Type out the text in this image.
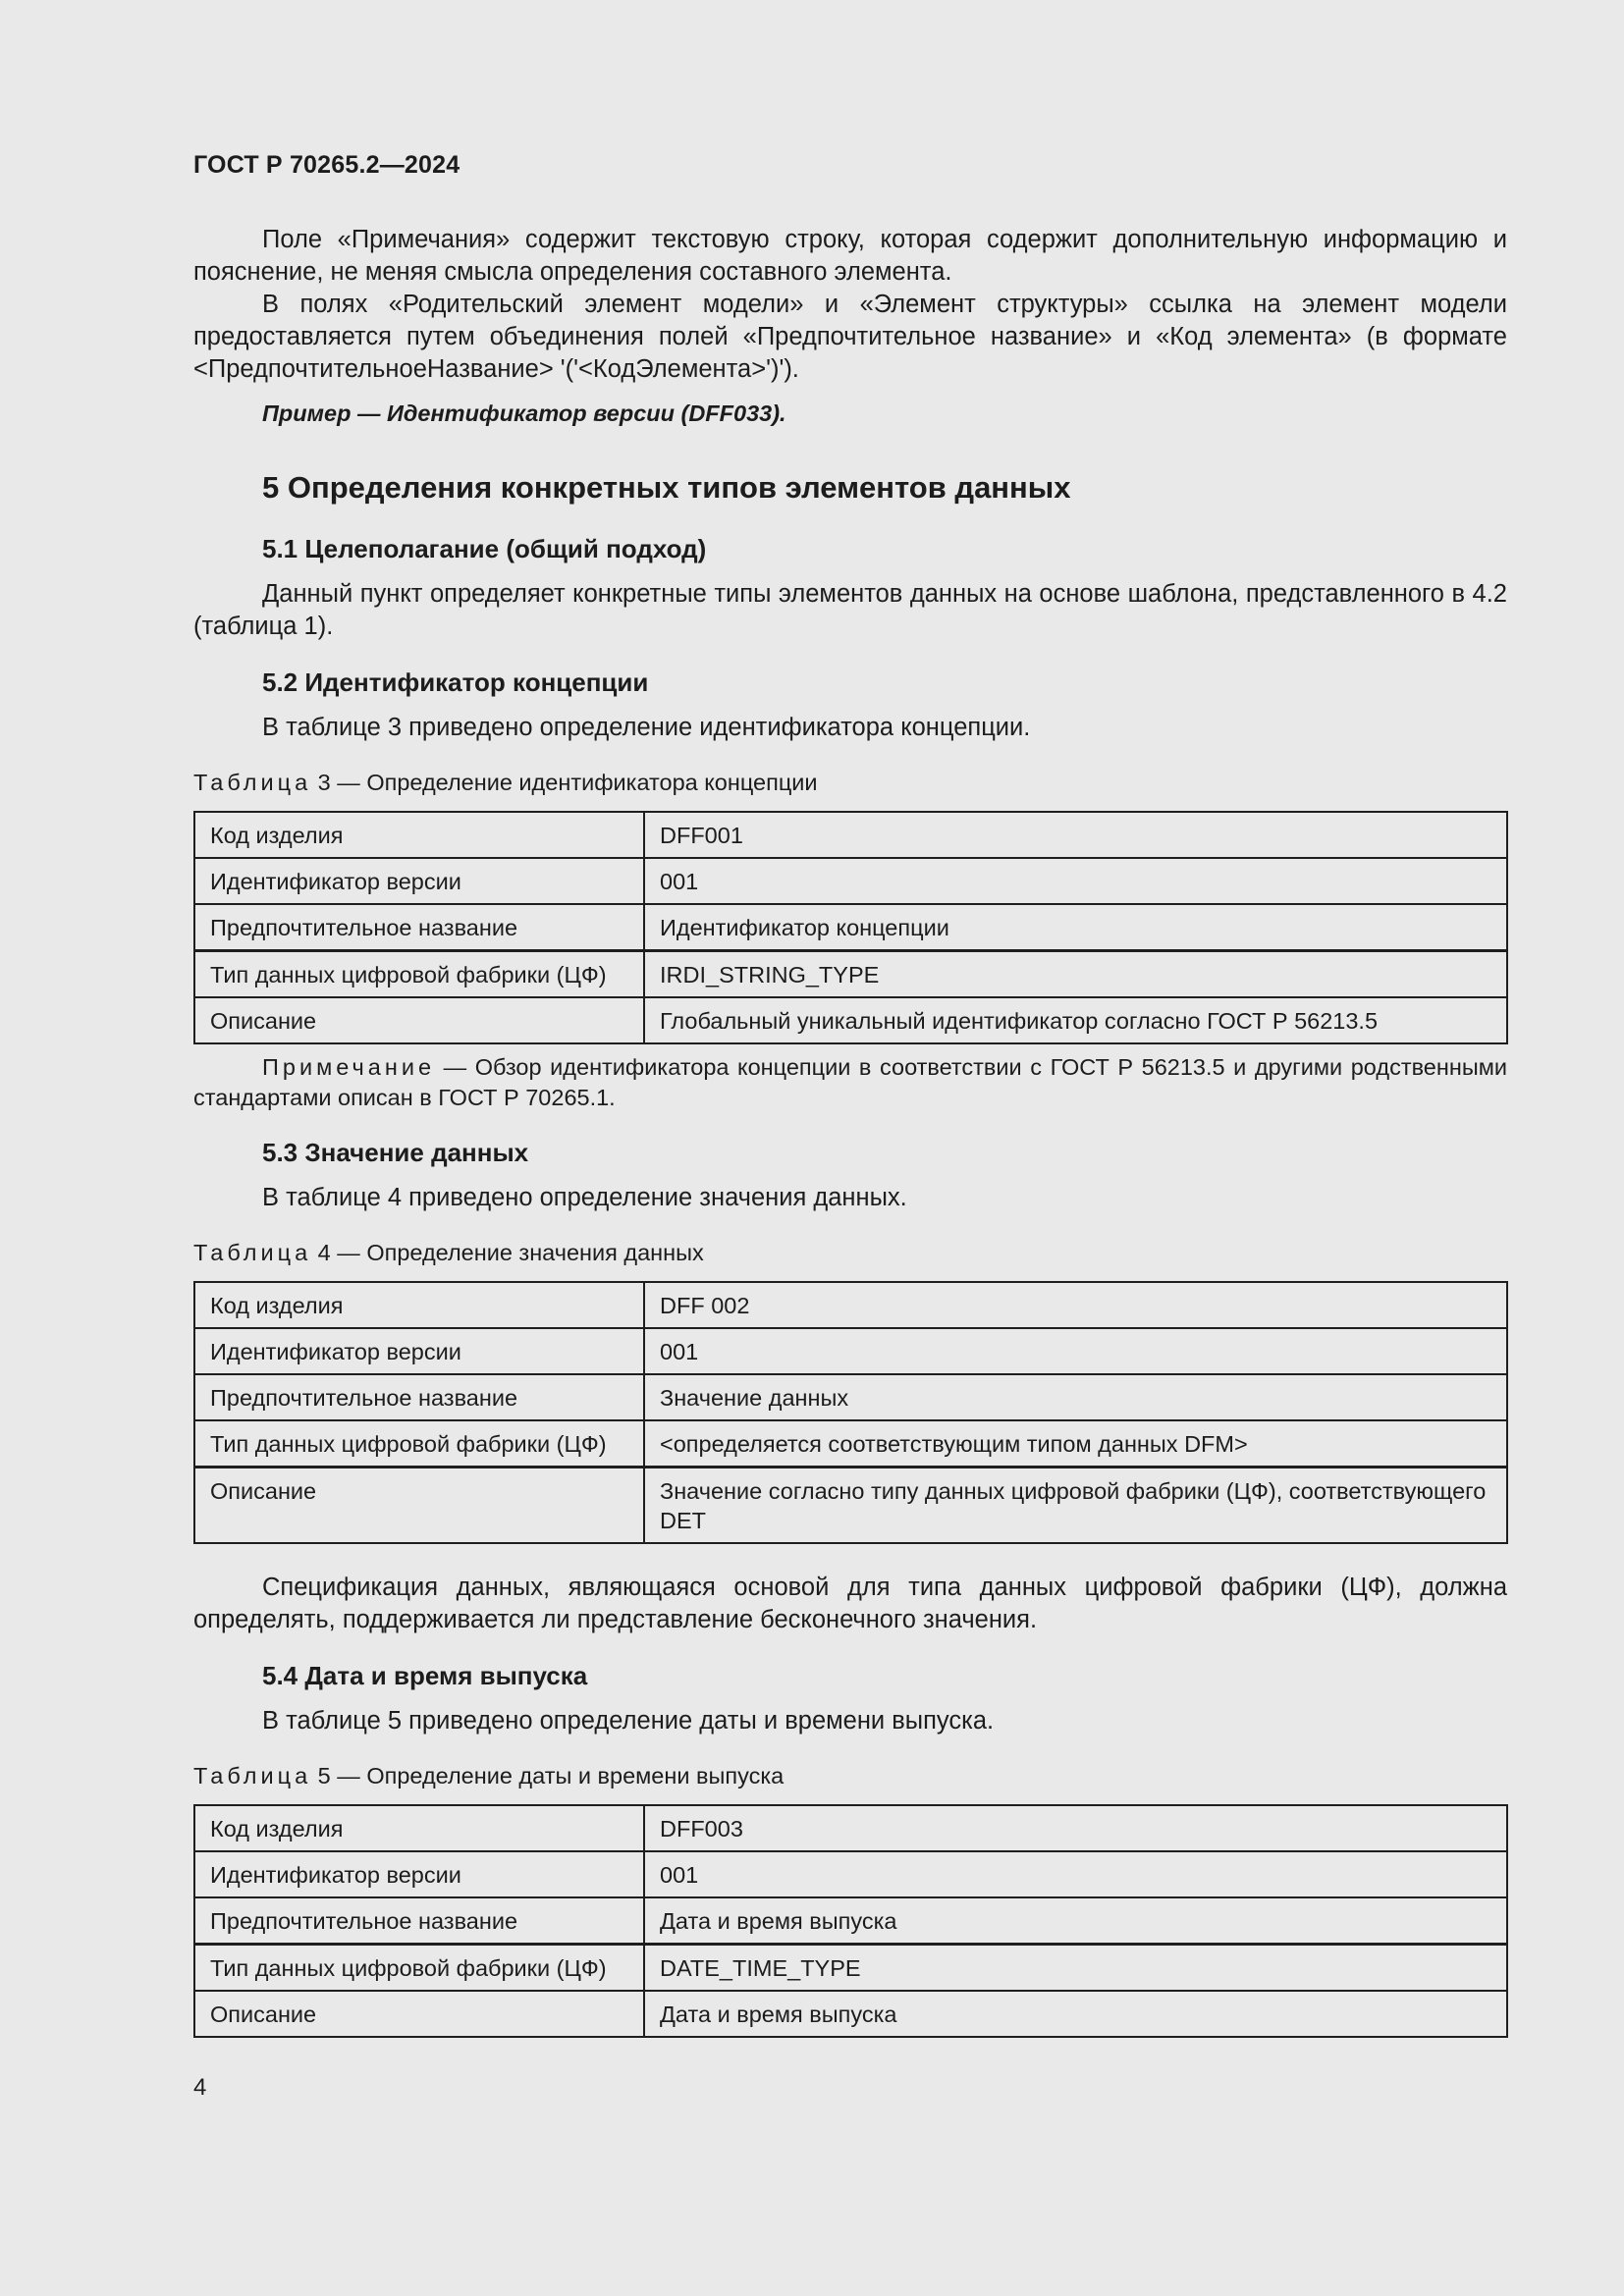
ГОСТ Р 70265.2—2024

Поле «Примечания» содержит текстовую строку, которая содержит дополнительную информацию и пояснение, не меняя смысла определения составного элемента.

В полях «Родительский элемент модели» и «Элемент структуры» ссылка на элемент модели предоставляется путем объединения полей «Предпочтительное название» и «Код элемента» (в формате <ПредпочтительноеНазвание> '('<КодЭлемента>')').

Пример — Идентификатор версии (DFF033).

5 Определения конкретных типов элементов данных
5.1 Целеполагание (общий подход)

Данный пункт определяет конкретные типы элементов данных на основе шаблона, представленного в 4.2 (таблица 1).

5.2 Идентификатор концепции

В таблице 3 приведено определение идентификатора концепции.

Таблица 3 — Определение идентификатора концепции
Код изделия	DFF001
Идентификатор версии	001
Предпочтительное название	Идентификатор концепции
Тип данных цифровой фабрики (ЦФ)	IRDI_STRING_TYPE
Описание	Глобальный уникальный идентификатор согласно ГОСТ Р 56213.5

Примечание — Обзор идентификатора концепции в соответствии с ГОСТ Р 56213.5 и другими родственными стандартами описан в ГОСТ Р 70265.1.

5.3 Значение данных

В таблице 4 приведено определение значения данных.

Таблица 4 — Определение значения данных
Код изделия	DFF 002
Идентификатор версии	001
Предпочтительное название	Значение данных
Тип данных цифровой фабрики (ЦФ)	<определяется соответствующим типом данных DFM>
Описание	Значение согласно типу данных цифровой фабрики (ЦФ), соответствующего DET

Спецификация данных, являющаяся основой для типа данных цифровой фабрики (ЦФ), должна определять, поддерживается ли представление бесконечного значения.

5.4 Дата и время выпуска

В таблице 5 приведено определение даты и времени выпуска.

Таблица 5 — Определение даты и времени выпуска
Код изделия	DFF003
Идентификатор версии	001
Предпочтительное название	Дата и время выпуска
Тип данных цифровой фабрики (ЦФ)	DATE_TIME_TYPE
Описание	Дата и время выпуска
4
